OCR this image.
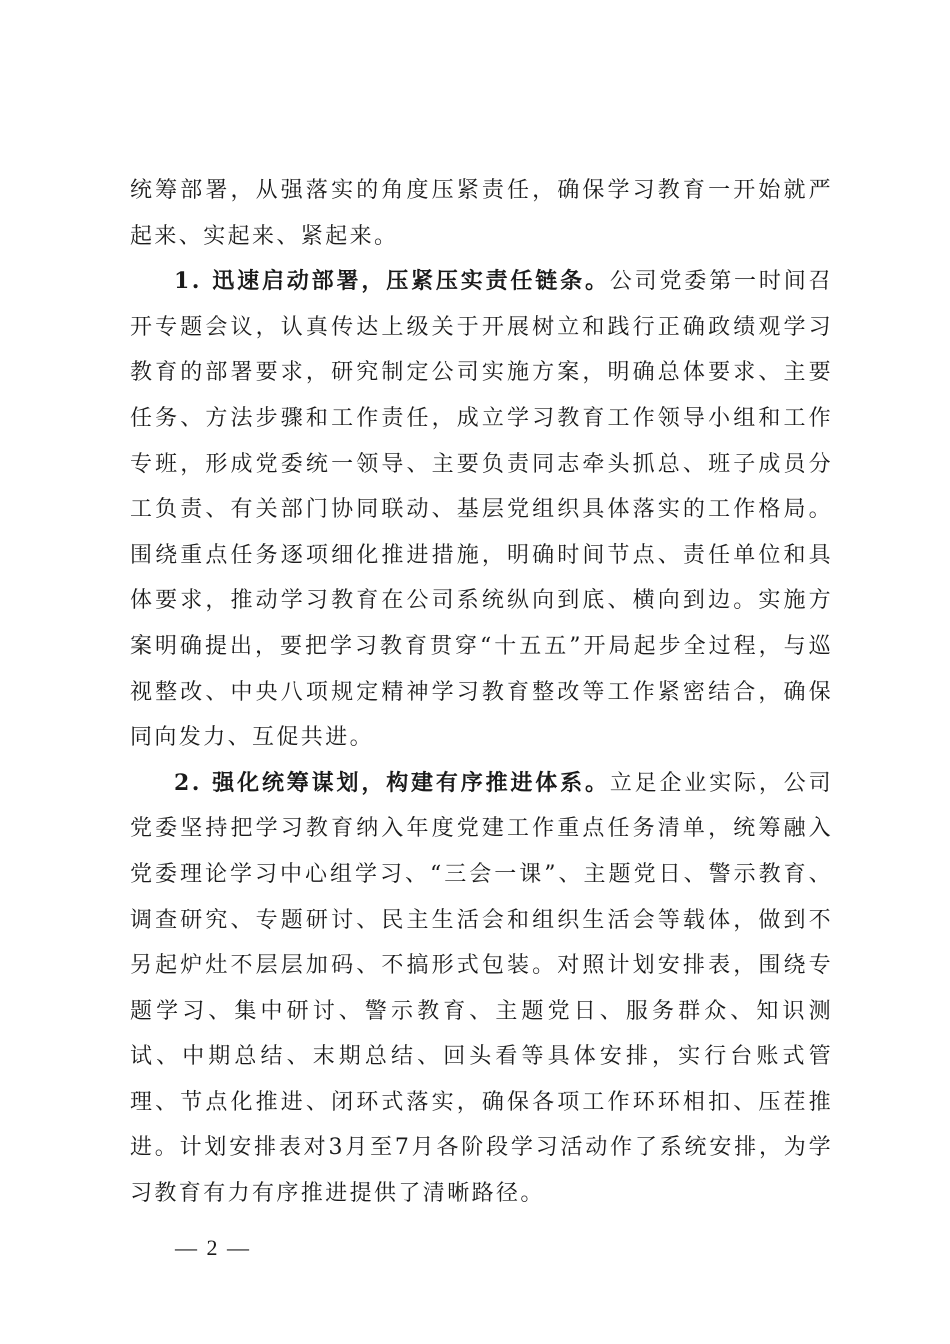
统筹部署，从强落实的角度压紧责任，确保学习教育一开始就严起来、实起来、紧起来。

1. 迅速启动部署，压紧压实责任链条。公司党委第一时间召开专题会议，认真传达上级关于开展树立和践行正确政绩观学习教育的部署要求，研究制定公司实施方案，明确总体要求、主要任务、方法步骤和工作责任，成立学习教育工作领导小组和工作专班，形成党委统一领导、主要负责同志牵头抓总、班子成员分工负责、有关部门协同联动、基层党组织具体落实的工作格局。围绕重点任务逐项细化推进措施，明确时间节点、责任单位和具体要求，推动学习教育在公司系统纵向到底、横向到边。实施方案明确提出，要把学习教育贯穿“十五五”开局起步全过程，与巡视整改、中央八项规定精神学习教育整改等工作紧密结合，确保同向发力、互促共进。

2. 强化统筹谋划，构建有序推进体系。立足企业实际，公司党委坚持把学习教育纳入年度党建工作重点任务清单，统筹融入党委理论学习中心组学习、“三会一课”、主题党日、警示教育、调查研究、专题研讨、民主生活会和组织生活会等载体，做到不另起炉灶不层层加码、不搞形式包装。对照计划安排表，围绕专题学习、集中研讨、警示教育、主题党日、服务群众、知识测试、中期总结、末期总结、回头看等具体安排，实行台账式管理、节点化推进、闭环式落实，确保各项工作环环相扣、压茬推进。计划安排表对3月至7月各阶段学习活动作了系统安排，为学习教育有力有序推进提供了清晰路径。

— 2 —
